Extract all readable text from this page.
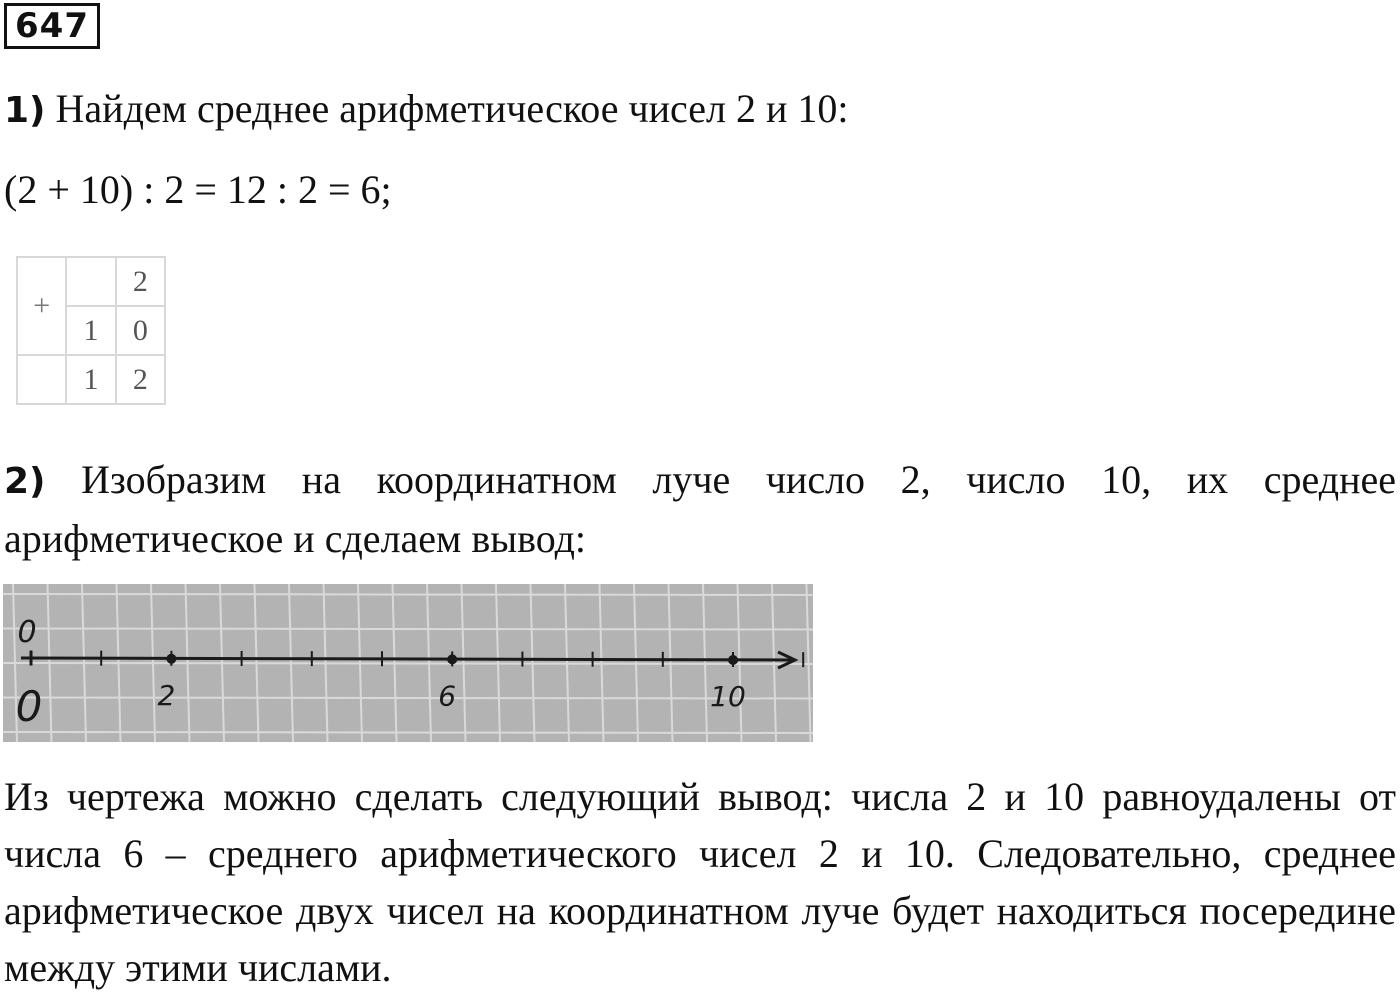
647
1) Найдем среднее арифметическое чисел 2 и 10:
(2 + 10) : 2 = 12 : 2 = 6;
+		2
	1	0
	1	2
2) Изобразим на координатном луче число 2, число 10, их среднее арифметическое и сделаем вывод:
0
0	2	6	10
Из чертежа можно сделать следующий вывод: числа 2 и 10 равноудалены от числа 6 – среднего арифметического чисел 2 и 10. Следовательно, среднее арифметическое двух чисел на координатном луче будет находиться посередине между этими числами.
